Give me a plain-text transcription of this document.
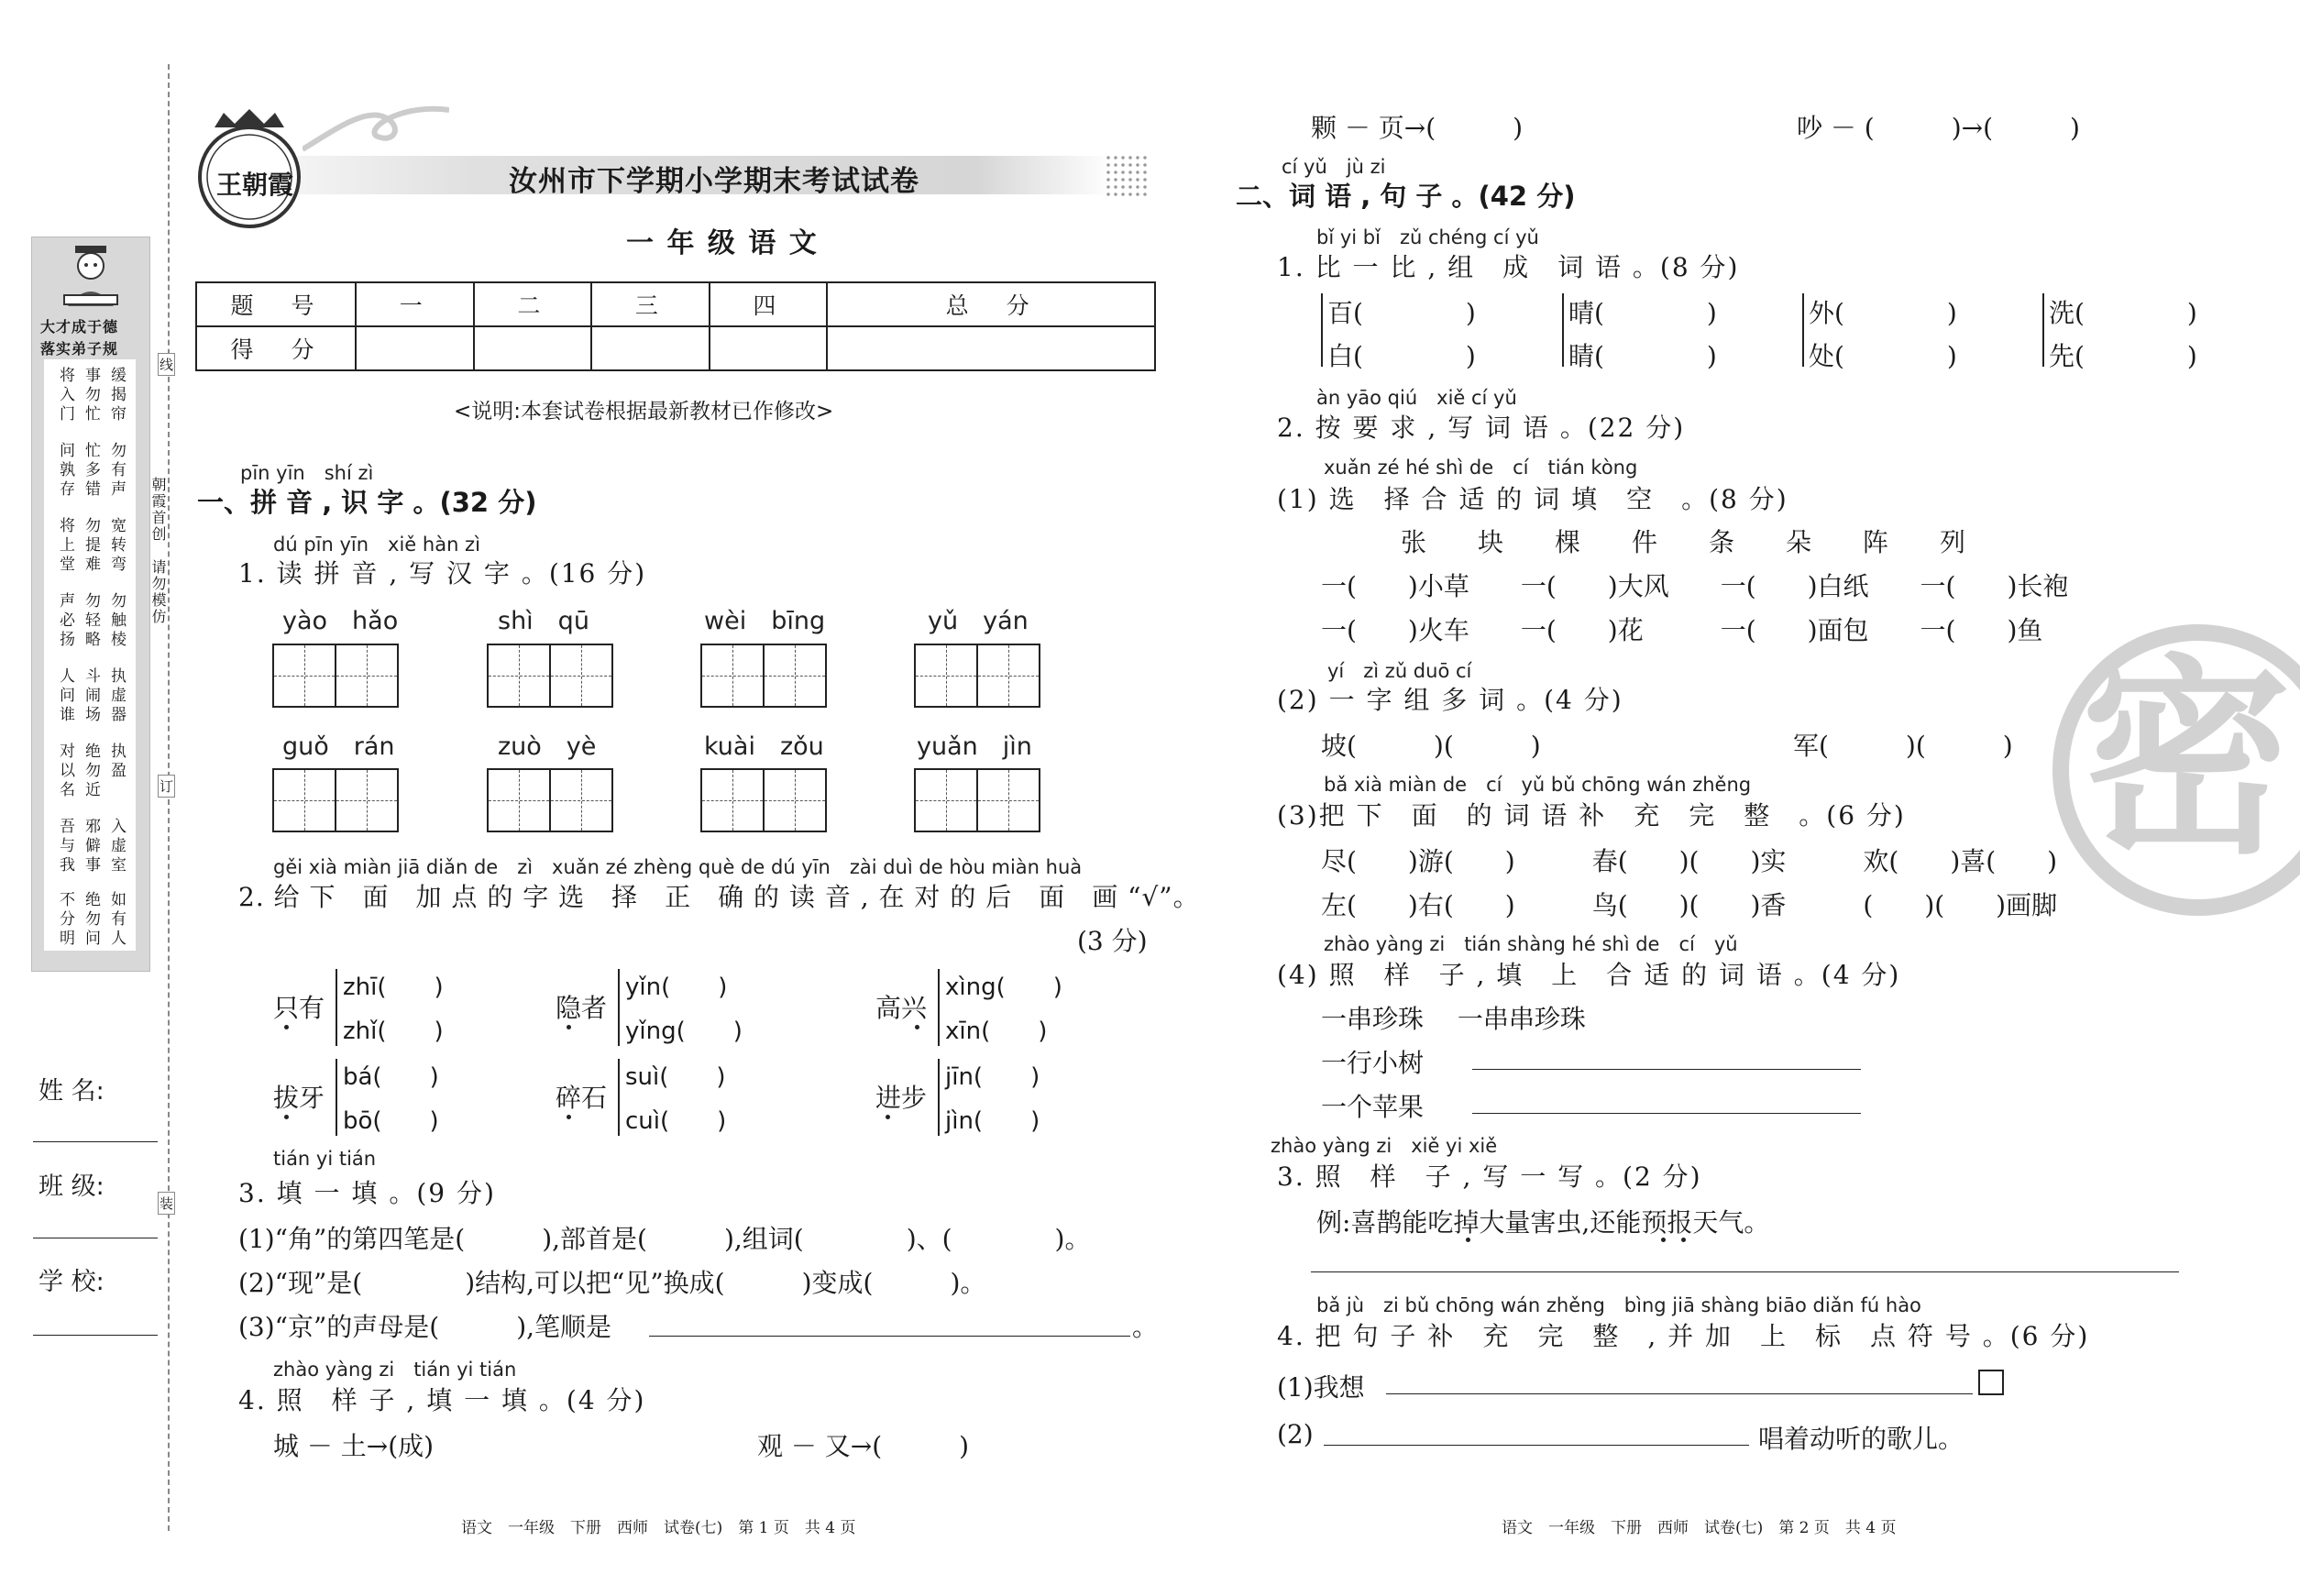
大才成于德
落实弟子规
将入门 事勿忙 缓揭帘
问孰存 忙多错 勿有声
将上堂 勿提难 宽转弯
声必扬 勿轻略 勿触棱
人问谁 斗闹场 执虚器
对以名 绝勿近 执盈
吾与我 邪僻事 入虚室
不分明 绝勿问 如有人
线
订
装
朝霞首创　请勿模仿
姓 名:
班 级:
学 校:
王朝霞	汝州市下学期小学期末考试试卷
一 年 级 语 文
题　号	一	二	三	四	总　分
得　分					
<说明:本套试卷根据最新教材已作修改>
pīn yīn　shí zì
一、拼 音 , 识 字 。(32 分)
dú pīn yīn　xiě hàn zì
1. 读 拼 音 , 写 汉 字 。(16 分)
yào　hǎo	shì　qū	wèi　bīng	yǔ　yán
guǒ　rán	zuò　yè	kuài　zǒu	yuǎn　jìn
gěi xià miàn jiā diǎn de　zì　xuǎn zé zhèng què de dú yīn　zài duì de hòu miàn huà
2. 给 下　面　加 点 的 字 选　择　正　确 的 读 音 , 在 对 的 后　面　画 “√”。
(3 分)
只有
zhī(　　)
zhǐ(　　)
隐者
yǐn(　　)
yǐng(　　)
高兴
xìng(　　)
xīn(　　)
拔牙
bá(　　)
bō(　　)
碎石
suì(　　)
cuì(　　)
进步
jīn(　　)
jìn(　　)
tián yi tián
3. 填 一 填 。(9 分)
(1)“角”的第四笔是(　　　),部首是(　　　),组词(　　　　)、(　　　　)。
(2)“现”是(　　　　)结构,可以把“见”换成(　　　)变成(　　　)。
(3)“京”的声母是(　　　),笔顺是	。
zhào yàng zi　tián yi tián
4. 照　样 子 , 填 一 填 。(4 分)
城 － 土→(成)	观 － 又→(　　　)
语文　一年级　下册　西师　试卷(七)　第 1 页　共 4 页
颗 － 页→(　　　)	吵 － (　　　)→(　　　)
cí yǔ　jù zi
二、词 语 , 句 子 。(42 分)
bǐ yi bǐ　zǔ chéng cí yǔ
1. 比 一 比 , 组　成　词 语 。(8 分)
百(　　　　)
白(　　　　)
晴(　　　　)
睛(　　　　)
外(　　　　)
处(　　　　)
洗(　　　　)
先(　　　　)
àn yāo qiú　xiě cí yǔ
2. 按 要 求 , 写 词 语 。(22 分)
xuǎn zé hé shì de　cí　tián kòng
(1) 选　择 合 适 的 词 填　空　。(8 分)
张　　块　　棵　　件　　条　　朵　　阵　　列
一(　　)小草　　一(　　)大风　　一(　　)白纸　　一(　　)长袍
一(　　)火车　　一(　　)花　　　一(　　)面包　　一(　　)鱼
yí　zì zǔ duō cí
(2) 一 字 组 多 词 。(4 分)
坡(　　　)(　　　)	军(　　　)(　　　)
bǎ xià miàn de　cí　yǔ bǔ chōng wán zhěng
(3)把 下　面　的 词 语 补　充　完　整　。(6 分)
尽(　　)游(　　)　　　春(　　)(　　)实　　　欢(　　)喜(　　)
左(　　)右(　　)　　　鸟(　　)(　　)香　　　(　　)(　　)画脚
zhào yàng zi　tián shàng hé shì de　cí　yǔ
(4) 照　样　子 , 填　上　合 适 的 词 语 。(4 分)
一串珍珠　 一串串珍珠
一行小树
一个苹果
zhào yàng zi　xiě yi xiě
3. 照　样　子 , 写 一 写 。(2 分)
例:喜鹊能吃掉大量害虫,还能预报天气。
bǎ jù　zi bǔ chōng wán zhěng　bìng jiā shàng biāo diǎn fú hào
4. 把 句 子 补　充　完　整　, 并 加　上　标　点 符 号 。(6 分)
(1)我想
(2)	唱着动听的歌儿。
语文　一年级　下册　西师　试卷(七)　第 2 页　共 4 页
密
